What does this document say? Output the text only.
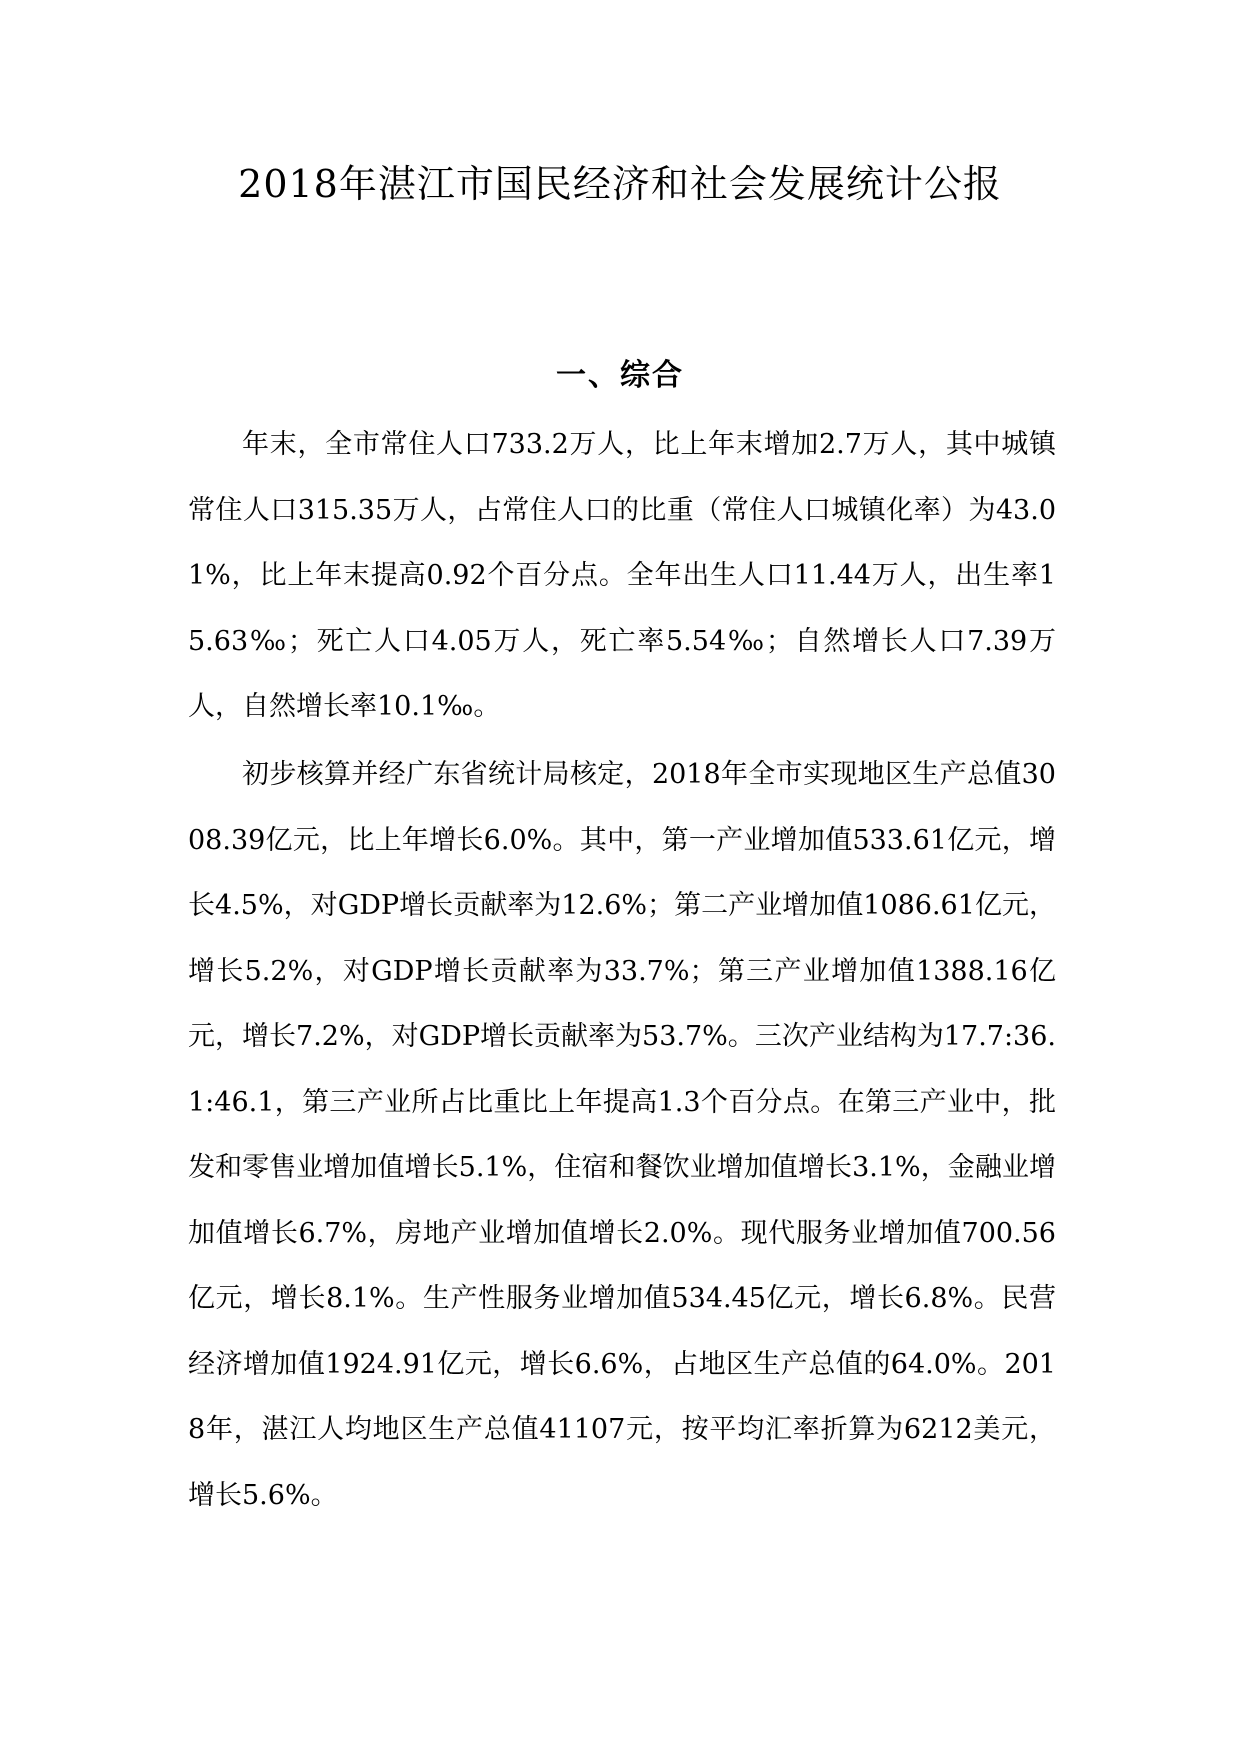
2018年湛江市国民经济和社会发展统计公报
一、综合

年末，全市常住人口733.2万人，比上年末增加2.7万人，其中城镇常住人口315.35万人，占常住人口的比重（常住人口城镇化率）为43.01%，比上年末提高0.92个百分点。全年出生人口11.44万人，出生率15.63‰；死亡人口4.05万人，死亡率5.54‰；自然增长人口7.39万人，自然增长率10.1‰。

初步核算并经广东省统计局核定，2018年全市实现地区生产总值3008.39亿元，比上年增长6.0%。其中，第一产业增加值533.61亿元，增长4.5%，对GDP增长贡献率为12.6%；第二产业增加值1086.61亿元，增长5.2%，对GDP增长贡献率为33.7%；第三产业增加值1388.16亿元，增长7.2%，对GDP增长贡献率为53.7%。三次产业结构为17.7:36.1:46.1，第三产业所占比重比上年提高1.3个百分点。在第三产业中，批发和零售业增加值增长5.1%，住宿和餐饮业增加值增长3.1%，金融业增加值增长6.7%，房地产业增加值增长2.0%。现代服务业增加值700.56亿元，增长8.1%。生产性服务业增加值534.45亿元，增长6.8%。民营经济增加值1924.91亿元，增长6.6%，占地区生产总值的64.0%。2018年，湛江人均地区生产总值41107元，按平均汇率折算为6212美元，增长5.6%。
